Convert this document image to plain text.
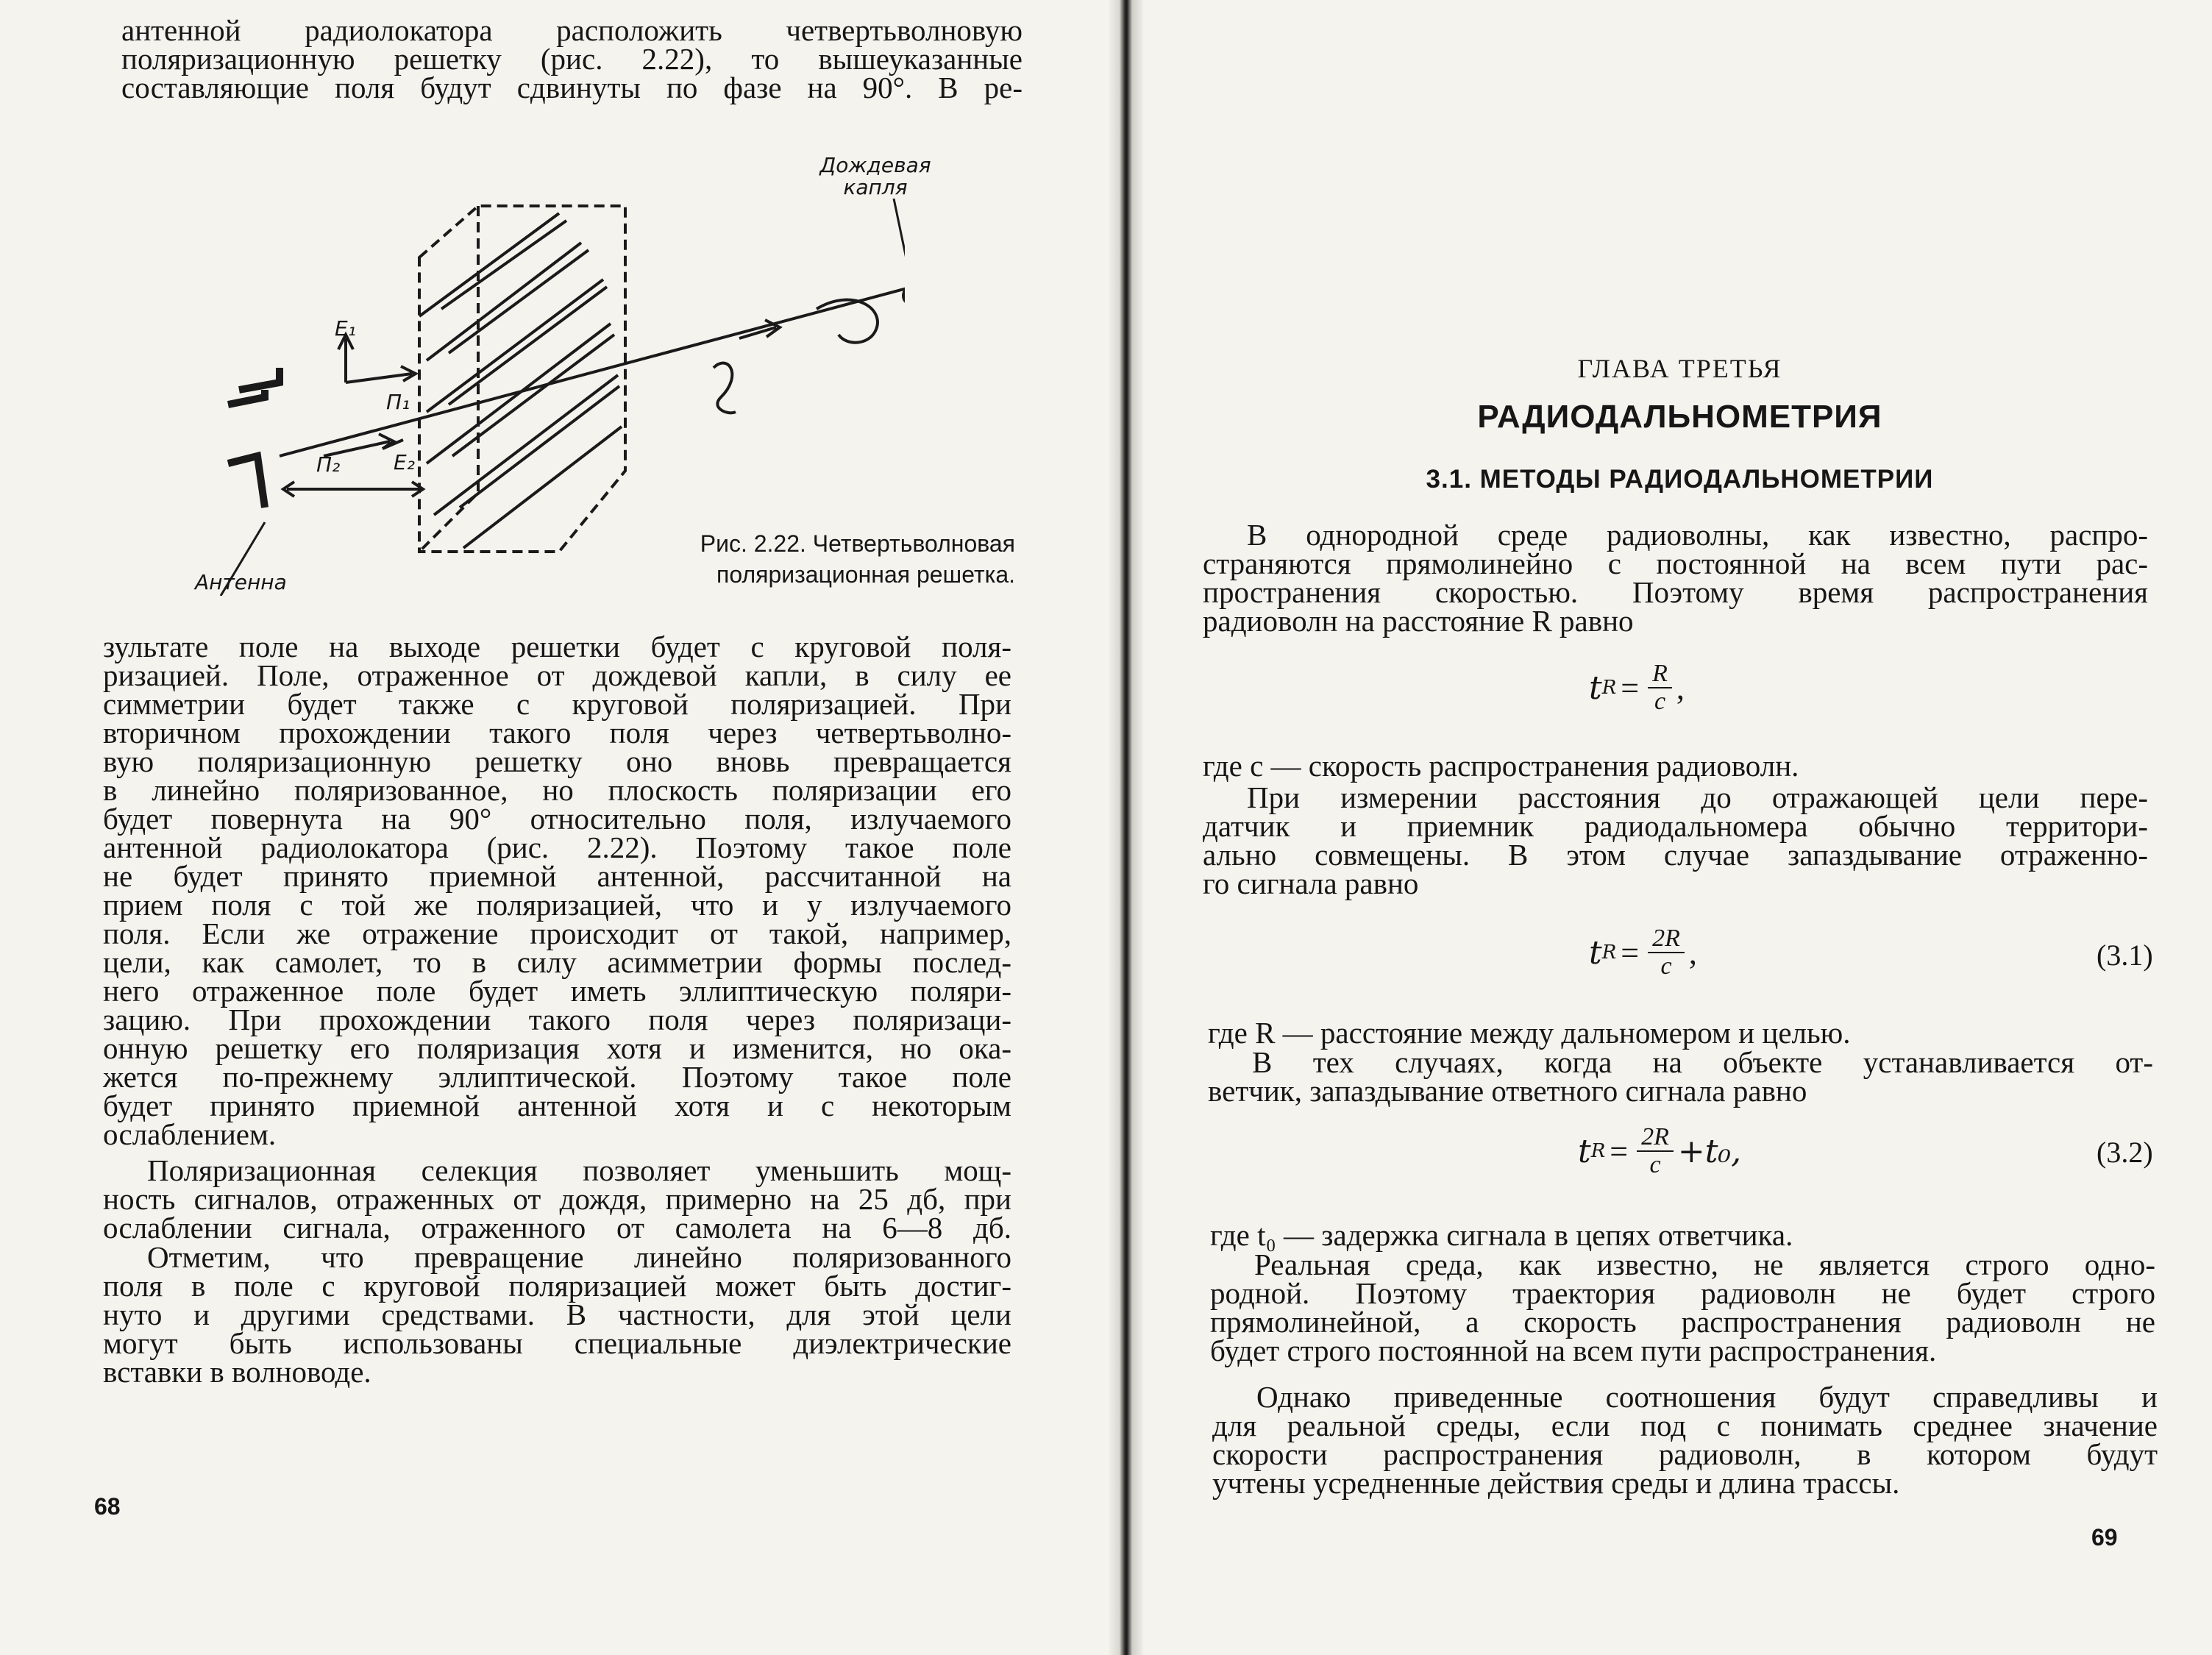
антенной радиолокатора расположить четвертьволновую
поляризационную решетку (рис. 2.22), то вышеуказанные
составляющие поля будут сдвинуты по фазе на 90°. В ре-
Дождевая капля
Антенна
E₁
E₂
П₁
П₂
Рис. 2.22. Четвертьволновая
поляризационная решетка.
зультате поле на выходе решетки будет с круговой поля-
ризацией. Поле, отраженное от дождевой капли, в силу ее
симметрии будет также с круговой поляризацией. При
вторичном прохождении такого поля через четвертьволно-
вую поляризационную решетку оно вновь превращается
в линейно поляризованное, но плоскость поляризации его
будет повернута на 90° относительно поля, излучаемого
антенной радиолокатора (рис. 2.22). Поэтому такое поле
не будет принято приемной антенной, рассчитанной на
прием поля с той же поляризацией, что и у излучаемого
поля. Если же отражение происходит от такой, например,
цели, как самолет, то в силу асимметрии формы послед-
него отраженное поле будет иметь эллиптическую поляри-
зацию. При прохождении такого поля через поляризаци-
онную решетку его поляризация хотя и изменится, но ока-
жется по-прежнему эллиптической. Поэтому такое поле
будет принято приемной антенной хотя и с некоторым
ослаблением.
Поляризационная селекция позволяет уменьшить мощ-
ность сигналов, отраженных от дождя, примерно на 25 дб, при
ослаблении сигнала, отраженного от самолета на 6—8 дб.
Отметим, что превращение линейно поляризованного
поля в поле с круговой поляризацией может быть достиг-
нуто и другими средствами. В частности, для этой цели
могут быть использованы специальные диэлектрические
вставки в волноводе.
68
ГЛАВА ТРЕТЬЯ
РАДИОДАЛЬНОМЕТРИЯ
3.1. МЕТОДЫ РАДИОДАЛЬНОМЕТРИИ
В однородной среде радиоволны, как известно, распро-
страняются прямолинейно с постоянной на всем пути рас-
пространения скоростью. Поэтому время распространения
радиоволн на расстояние R равно
t $R = \frac{R}{c}$ ,
где c — скорость распространения радиоволн.
При измерении расстояния до отражающей цели пере-
датчик и приемник радиодальномера обычно территори-
ально совмещены. В этом случае запаздывание отраженно-
го сигнала равно
t $R = \frac{2R}{c}$ ,	(3.1)
где R — расстояние между дальномером и целью.
В тех случаях, когда на объекте устанавливается от-
ветчик, запаздывание ответного сигнала равно
t $R = \frac{2R}{c} +t_0$,	(3.2)
где t₀ — задержка сигнала в цепях ответчика.
Реальная среда, как известно, не является строго одно-
родной. Поэтому траектория радиоволн не будет строго
прямолинейной, а скорость распространения радиоволн не
будет строго постоянной на всем пути распространения.
Однако приведенные соотношения будут справедливы и
для реальной среды, если под c понимать среднее значение
скорости распространения радиоволн, в котором будут
учтены усредненные действия среды и длина трассы.
69
